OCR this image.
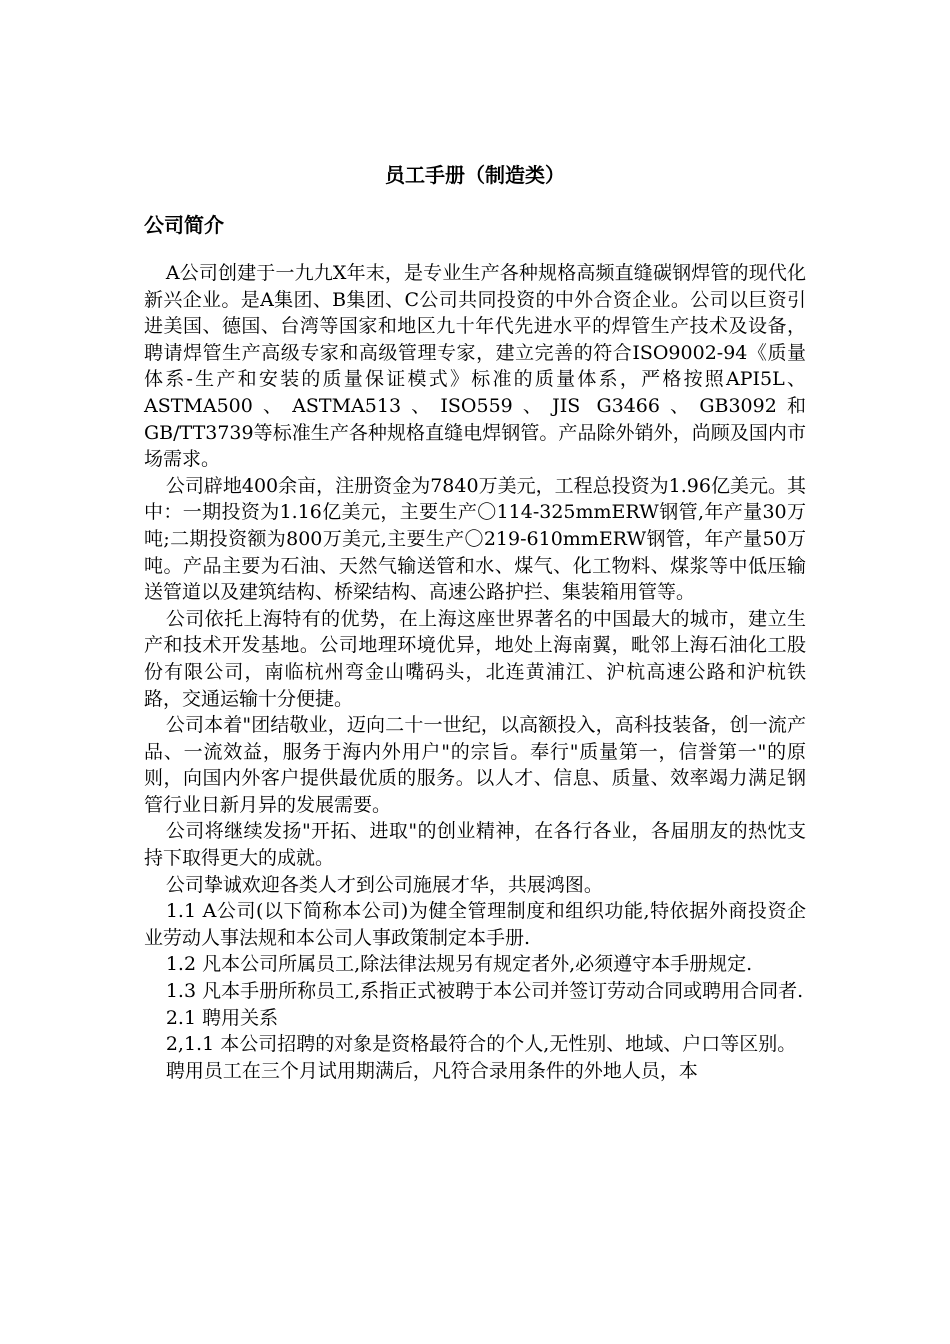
员工手册（制造类）
公司简介

A公司创建于一九九X年末，是专业生产各种规格高频直缝碳钢焊管的现代化新兴企业。是A集团、B集团、C公司共同投资的中外合资企业。公司以巨资引进美国、德国、台湾等国家和地区九十年代先进水平的焊管生产技术及设备，聘请焊管生产高级专家和高级管理专家，建立完善的符合ISO9002-94《质量体系-生产和安装的质量保证模式》标准的质量体系，严格按照API5L、ASTMA500、ASTMA513、ISO559、JIS G3466、GB3092和GB/TT3739等标准生产各种规格直缝电焊钢管。产品除外销外，尚顾及国内市场需求。

公司辟地400余亩，注册资金为7840万美元，工程总投资为1.96亿美元。其中：一期投资为1.16亿美元，主要生产〇114-325mmERW钢管,年产量30万吨;二期投资额为800万美元,主要生产〇219-610mmERW钢管，年产量50万吨。产品主要为石油、天然气输送管和水、煤气、化工物料、煤浆等中低压输送管道以及建筑结构、桥梁结构、高速公路护拦、集装箱用管等。

公司依托上海特有的优势，在上海这座世界著名的中国最大的城市，建立生产和技术开发基地。公司地理环境优异，地处上海南翼，毗邻上海石油化工股份有限公司，南临杭州弯金山嘴码头，北连黄浦江、沪杭高速公路和沪杭铁路，交通运输十分便捷。

公司本着"团结敬业，迈向二十一世纪，以高额投入，高科技装备，创一流产品、一流效益，服务于海内外用户"的宗旨。奉行"质量第一，信誉第一"的原则，向国内外客户提供最优质的服务。以人才、信息、质量、效率竭力满足钢管行业日新月异的发展需要。

公司将继续发扬"开拓、进取"的创业精神，在各行各业，各届朋友的热忱支持下取得更大的成就。

公司挚诚欢迎各类人才到公司施展才华，共展鸿图。

1.1 A公司(以下简称本公司)为健全管理制度和组织功能,特依据外商投资企业劳动人事法规和本公司人事政策制定本手册.

1.2 凡本公司所属员工,除法律法规另有规定者外,必须遵守本手册规定.

1.3 凡本手册所称员工,系指正式被聘于本公司并签订劳动合同或聘用合同者.

2.1 聘用关系

2,1.1 本公司招聘的对象是资格最符合的个人,无性别、地域、户口等区别。

聘用员工在三个月试用期满后，凡符合录用条件的外地人员，本
